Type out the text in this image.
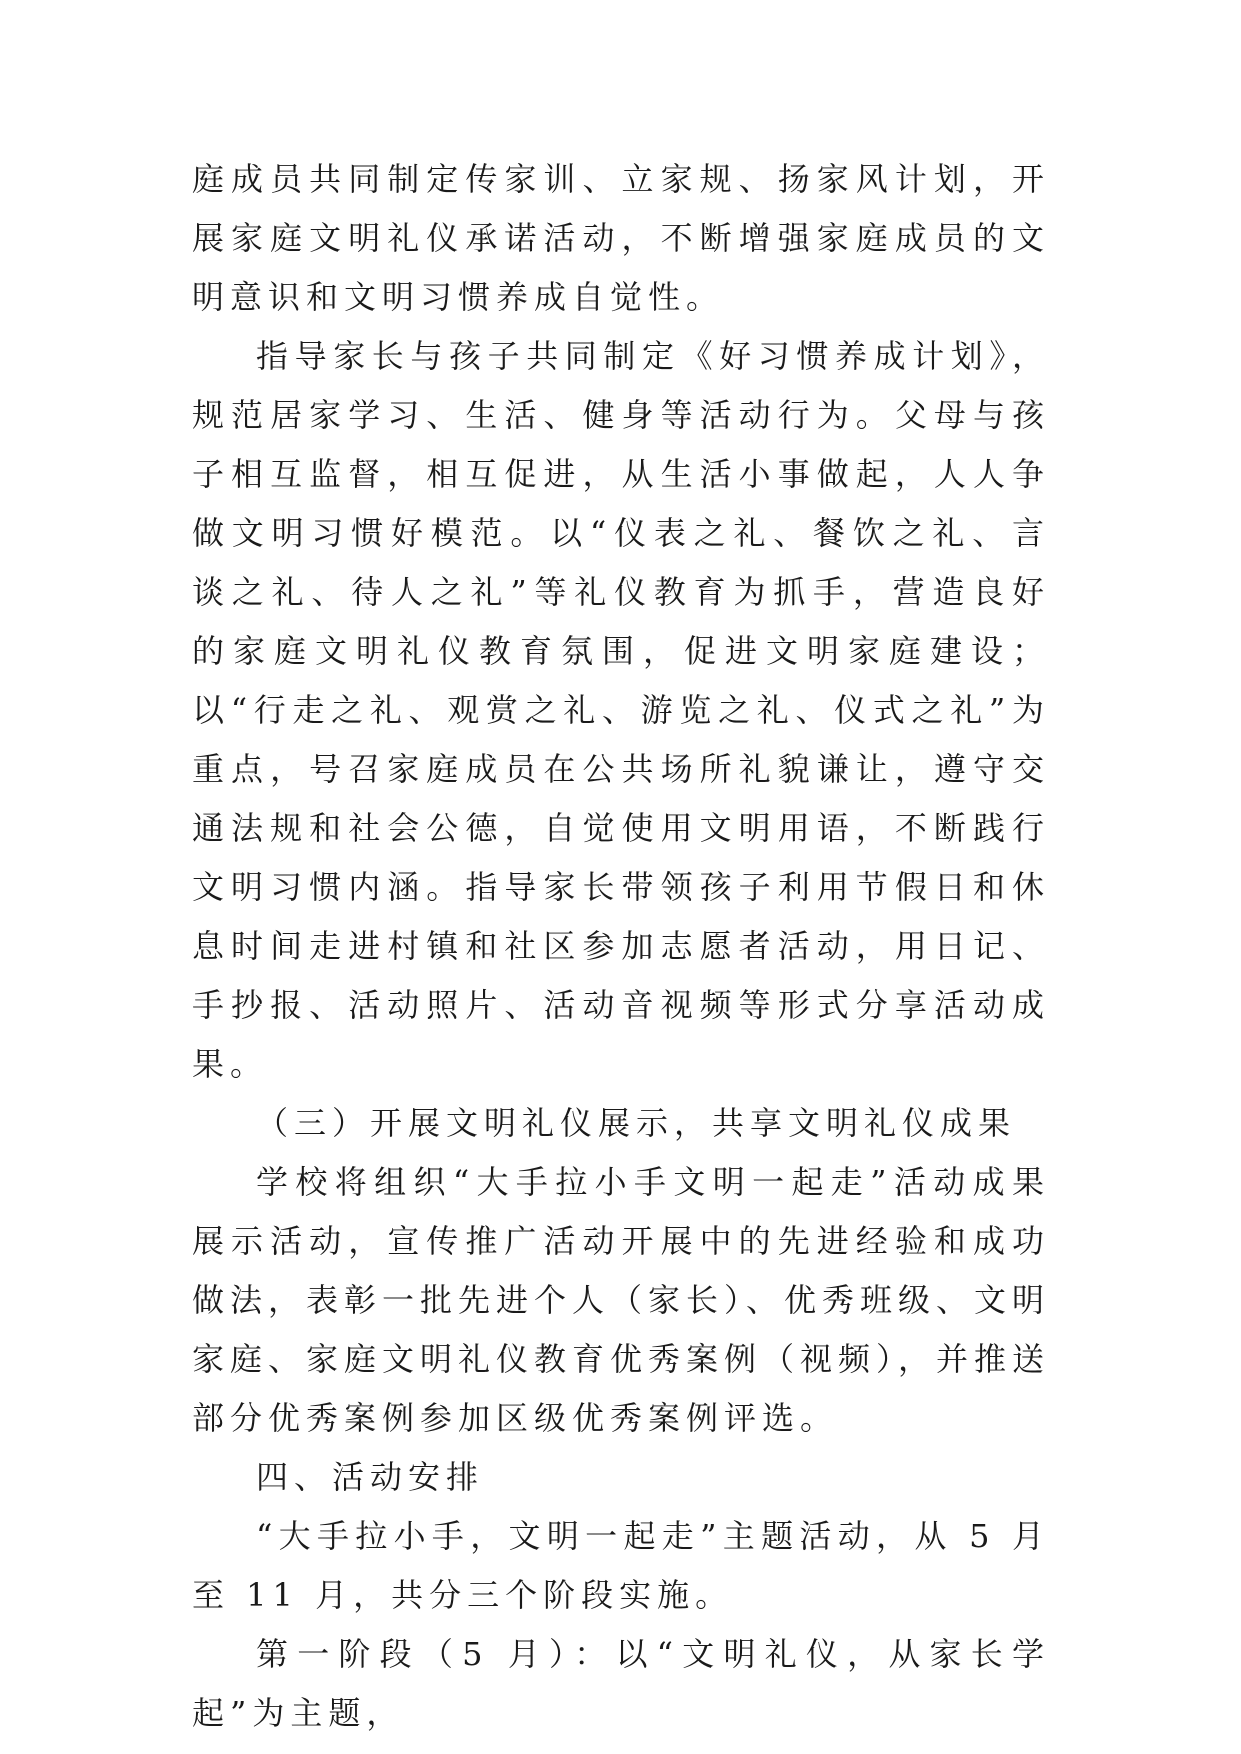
庭成员共同制定传家训、立家规、扬家风计划，开展家庭文明礼仪承诺活动，不断增强家庭成员的文明意识和文明习惯养成自觉性。

指导家长与孩子共同制定《好习惯养成计划》，规范居家学习、生活、健身等活动行为。父母与孩子相互监督，相互促进，从生活小事做起，人人争做文明习惯好模范。以“仪表之礼、餐饮之礼、言谈之礼、待人之礼”等礼仪教育为抓手，营造良好的家庭文明礼仪教育氛围，促进文明家庭建设；以“行走之礼、观赏之礼、游览之礼、仪式之礼”为重点，号召家庭成员在公共场所礼貌谦让，遵守交通法规和社会公德，自觉使用文明用语，不断践行文明习惯内涵。指导家长带领孩子利用节假日和休息时间走进村镇和社区参加志愿者活动，用日记、手抄报、活动照片、活动音视频等形式分享活动成果。

（三）开展文明礼仪展示，共享文明礼仪成果

学校将组织“大手拉小手文明一起走”活动成果展示活动，宣传推广活动开展中的先进经验和成功做法，表彰一批先进个人（家长）、优秀班级、文明家庭、家庭文明礼仪教育优秀案例（视频），并推送部分优秀案例参加区级优秀案例评选。

四、活动安排

“大手拉小手，文明一起走”主题活动，从 5 月至 11 月，共分三个阶段实施。

第一阶段（5 月）：以“文明礼仪，从家长学起”为主题，
